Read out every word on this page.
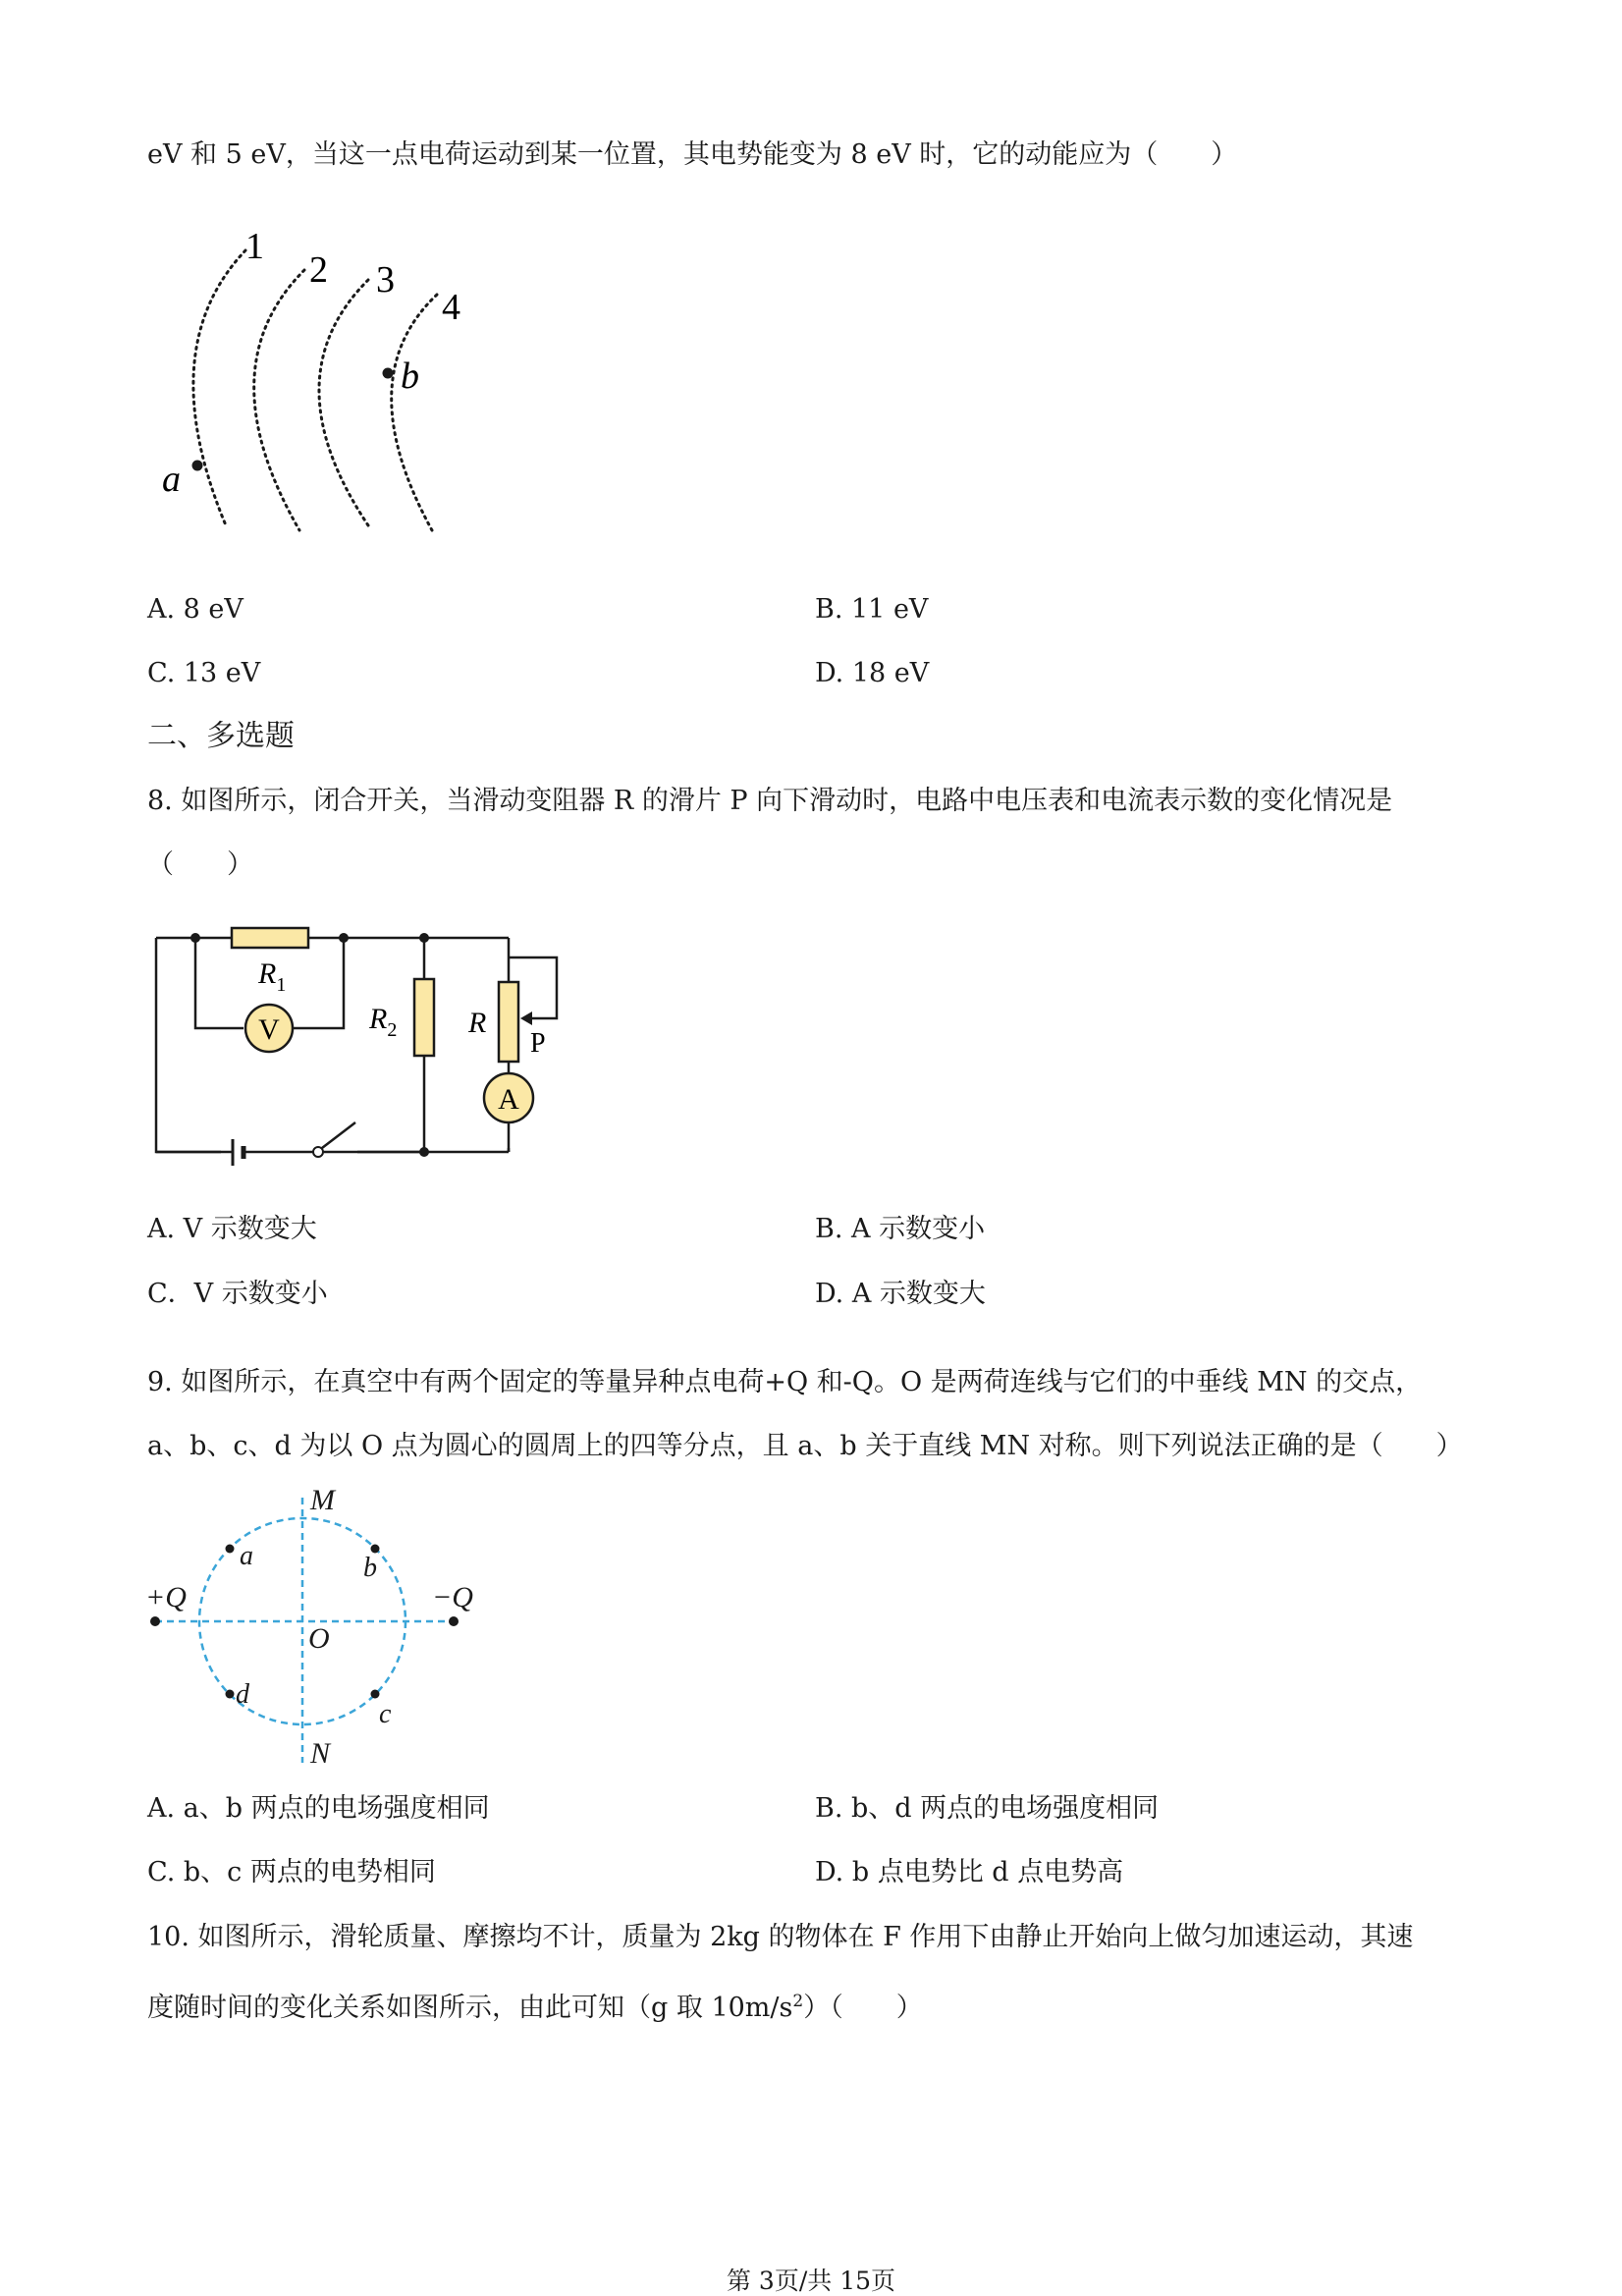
eV 和 5 eV，当这一点电荷运动到某一位置，其电势能变为 8 eV 时，它的动能应为（　　）
1
2 3
4
a
b
A. 8 eV	B. 11 eV
C. 13 eV	D. 18 eV
二、多选题
8. 如图所示，闭合开关，当滑动变阻器 R 的滑片 P 向下滑动时，电路中电压表和电流表示数的变化情况是
（　　）
V
A
$R_1$
$R_2$ R
P
A. V 示数变大	B. A 示数变小
C．V 示数变小	D. A 示数变大
9. 如图所示，在真空中有两个固定的等量异种点电荷+Q 和-Q。O 是两荷连线与它们的中垂线 MN 的交点，
a、b、c、d 为以 O 点为圆心的圆周上的四等分点，且 a、b 关于直线 MN 对称。则下列说法正确的是（　　）
M
N
O
a	b
c
d
+Q	−Q
A. a、b 两点的电场强度相同	B. b、d 两点的电场强度相同
C. b、c 两点的电势相同	D. b 点电势比 d 点电势高
10. 如图所示，滑轮质量、摩擦均不计，质量为 2kg 的物体在 F 作用下由静止开始向上做匀加速运动，其速
度随时间的变化关系如图所示，由此可知（g 取 $10m/s^2$）（　　）
第 3页/共 15页
